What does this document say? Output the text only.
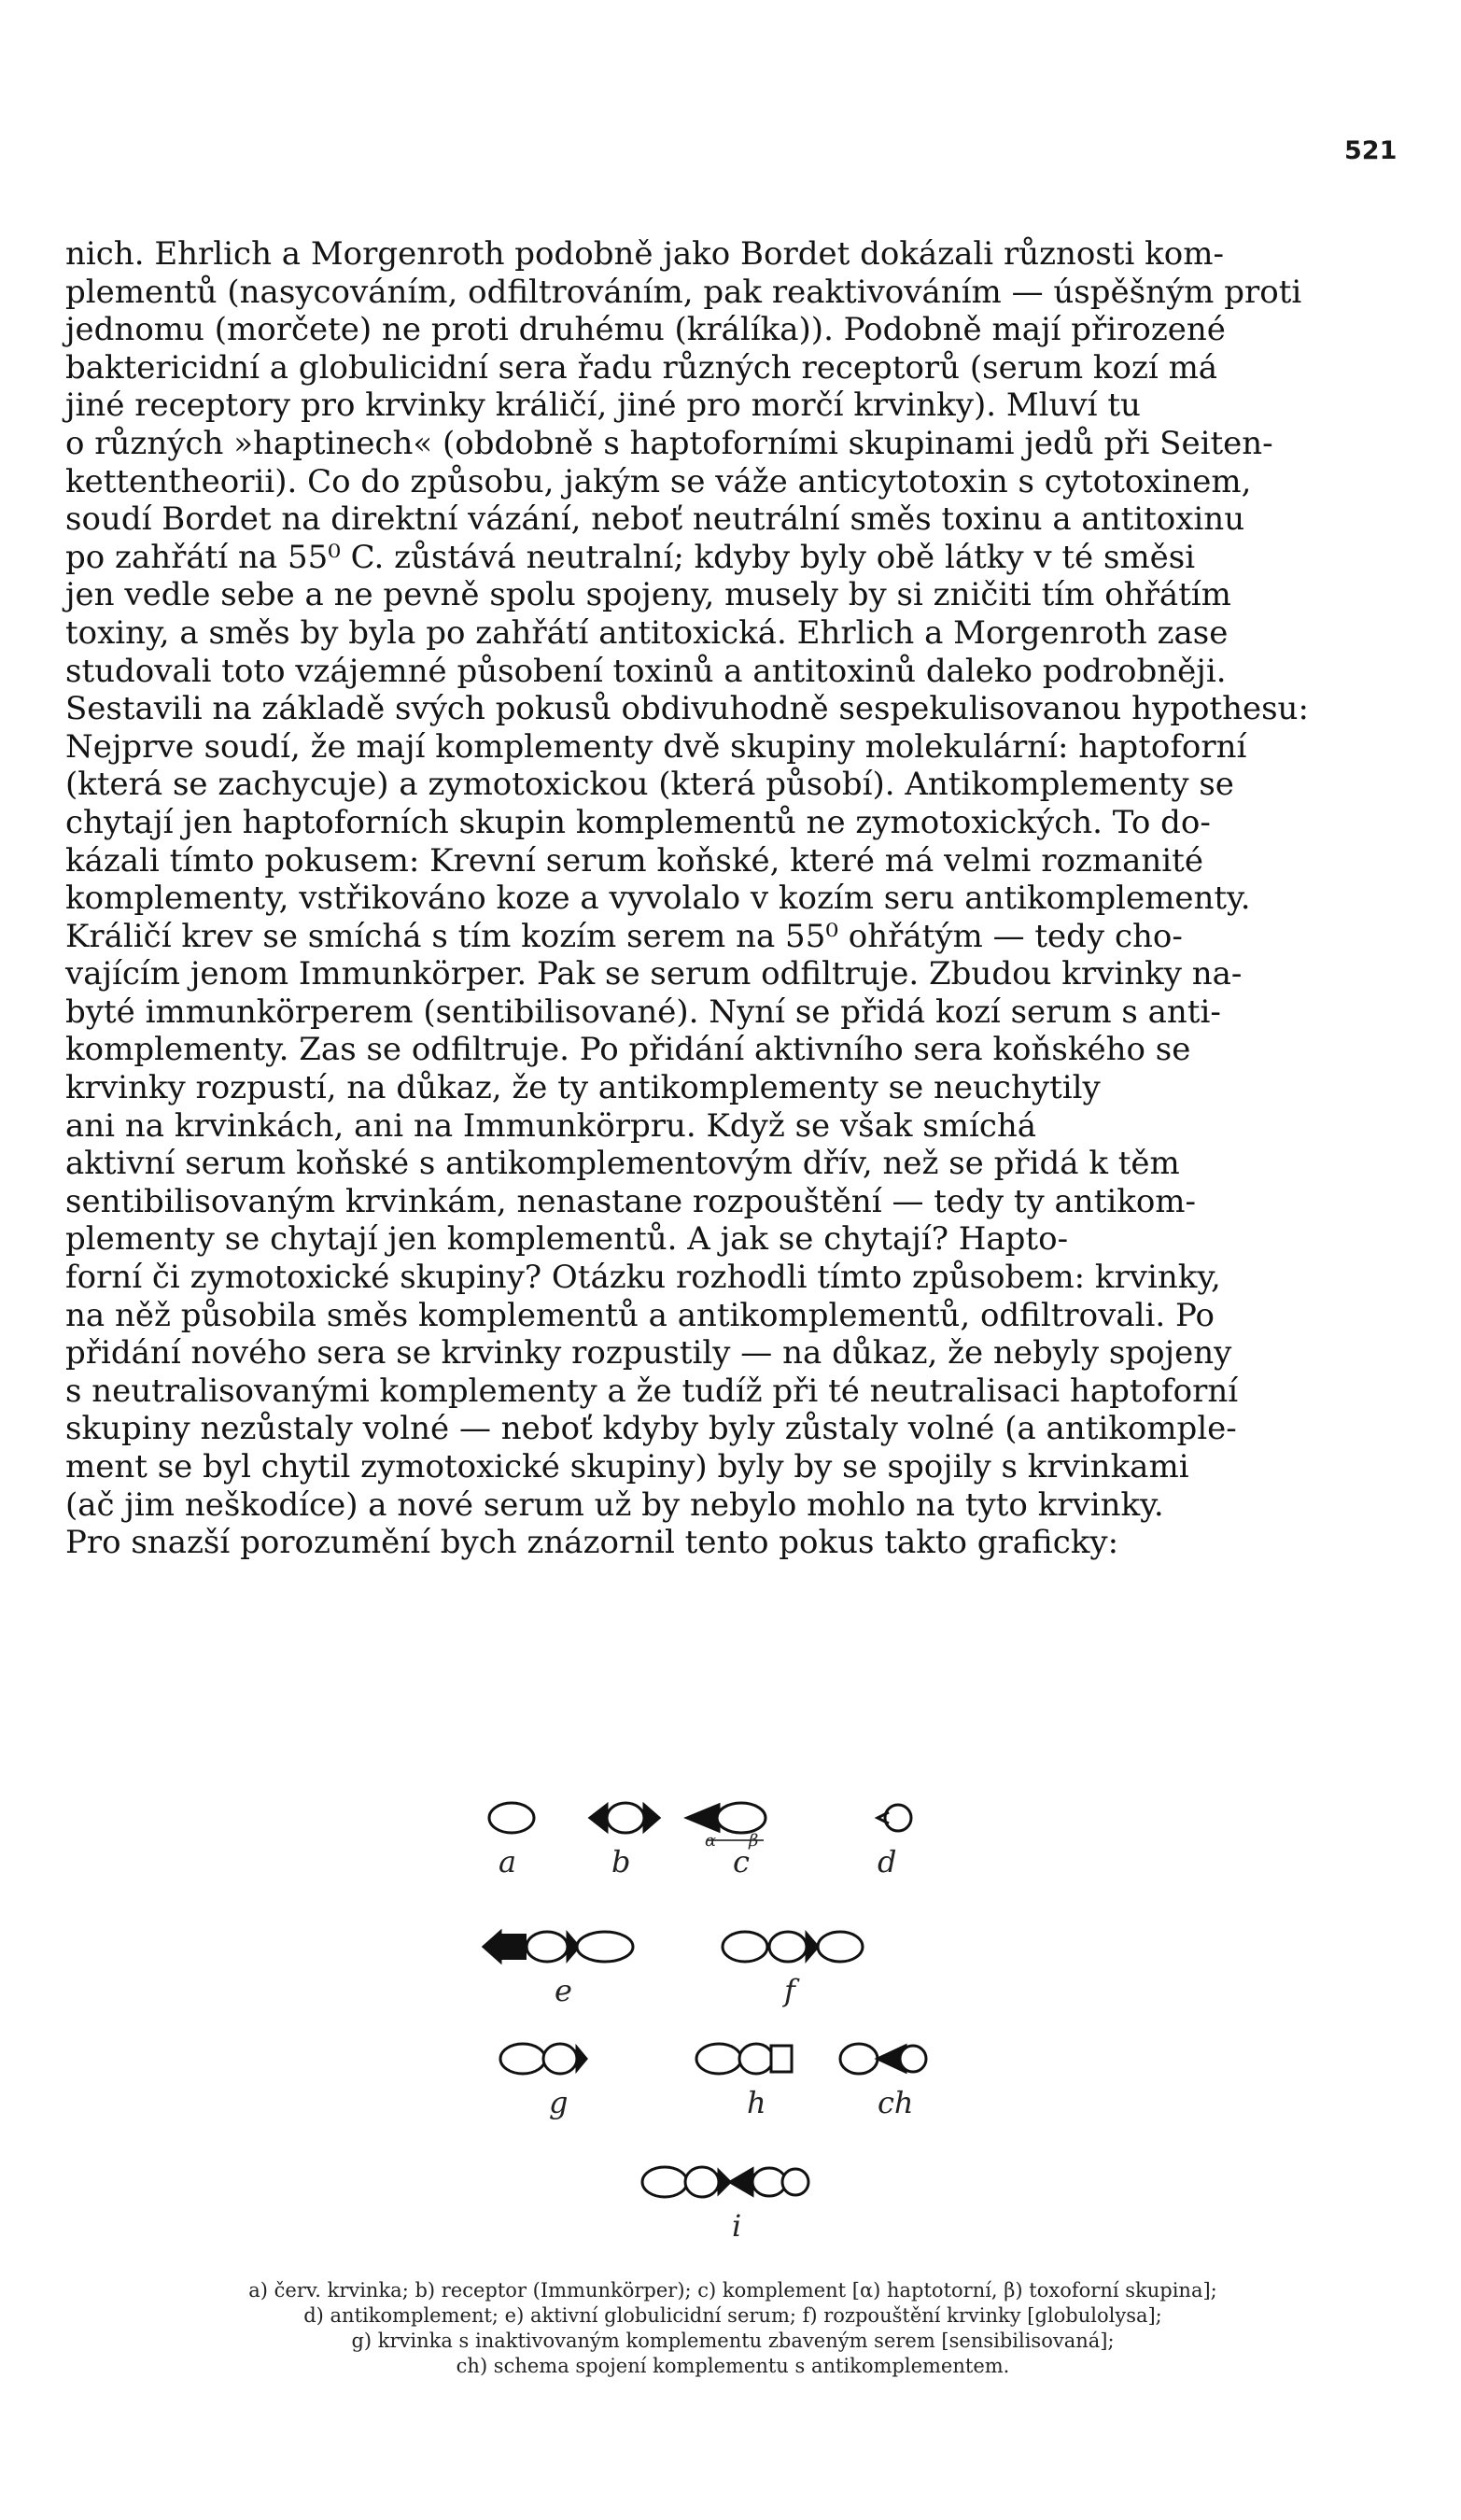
521
nich. Ehrlich a Morgenroth podobně jako Bordet dokázali různosti kom-
plementů (nasycováním, odfiltrováním, pak reaktivováním — úspěšným proti
jednomu (morčete) ne proti druhému (králíka)). Podobně mají přirozené
baktericidní a globulicidní sera řadu různých receptorů (serum kozí má
jiné receptory pro krvinky králičí, jiné pro morčí krvinky). Mluví tu
o různých »haptinech« (obdobně s haptoforními skupinami jedů při Seiten-
kettentheorii). Co do způsobu, jakým se váže anticytotoxin s cytotoxinem,
soudí Bordet na direktní vázání, neboť neutrální směs toxinu a antitoxinu
po zahřátí na 55⁰ C. zůstává neutralní; kdyby byly obě látky v té směsi
jen vedle sebe a ne pevně spolu spojeny, musely by si zničiti tím ohřátím
toxiny, a směs by byla po zahřátí antitoxická. Ehrlich a Morgenroth zase
studovali toto vzájemné působení toxinů a antitoxinů daleko podrobněji.
Sestavili na základě svých pokusů obdivuhodně sespekulisovanou hypothesu:
Nejprve soudí, že mají komplementy dvě skupiny molekulární: haptoforní
(která se zachycuje) a zymotoxickou (která působí). Antikomplementy se
chytají jen haptoforních skupin komplementů ne zymotoxických. To do-
kázali tímto pokusem: Krevní serum koňské, které má velmi rozmanité
komplementy, vstřikováno koze a vyvolalo v kozím seru antikomplementy.
Králičí krev se smíchá s tím kozím serem na 55⁰ ohřátým — tedy cho-
vajícím jenom Immunkörper. Pak se serum odfiltruje. Zbudou krvinky na-
byté immunkörperem (sentibilisované). Nyní se přidá kozí serum s anti-
komplementy. Zas se odfiltruje. Po přidání aktivního sera koňského se
krvinky rozpustí, na důkaz, že ty antikomplementy se neuchytily
ani na krvinkách, ani na Immunkörpru. Když se však smíchá
aktivní serum koňské s antikomplementovým dřív, než se přidá k těm
sentibilisovaným krvinkám, nenastane rozpouštění — tedy ty antikom-
plementy se chytají jen komplementů. A jak se chytají? Hapto-
forní či zymotoxické skupiny? Otázku rozhodli tímto způsobem: krvinky,
na něž působila směs komplementů a antikomplementů, odfiltrovali. Po
přidání nového sera se krvinky rozpustily — na důkaz, že nebyly spojeny
s neutralisovanými komplementy a že tudíž při té neutralisaci haptoforní
skupiny nezůstaly volné — neboť kdyby byly zůstaly volné (a antikomple-
ment se byl chytil zymotoxické skupiny) byly by se spojily s krvinkami
(ač jim neškodíce) a nové serum už by nebylo mohlo na tyto krvinky.
Pro snazší porozumění bych znázornil tento pokus takto graficky:
a	b	c
β
α
d
e	f
g	h	ch
i
a) červ. krvinka; b) receptor (Immunkörper); c) komplement [α) haptotorní, β) toxoforní skupina];
d) antikomplement; e) aktivní globulicidní serum; f) rozpouštění krvinky [globulolysa];
g) krvinka s inaktivovaným komplementu zbaveným serem [sensibilisovaná];
ch) schema spojení komplementu s antikomplementem.
